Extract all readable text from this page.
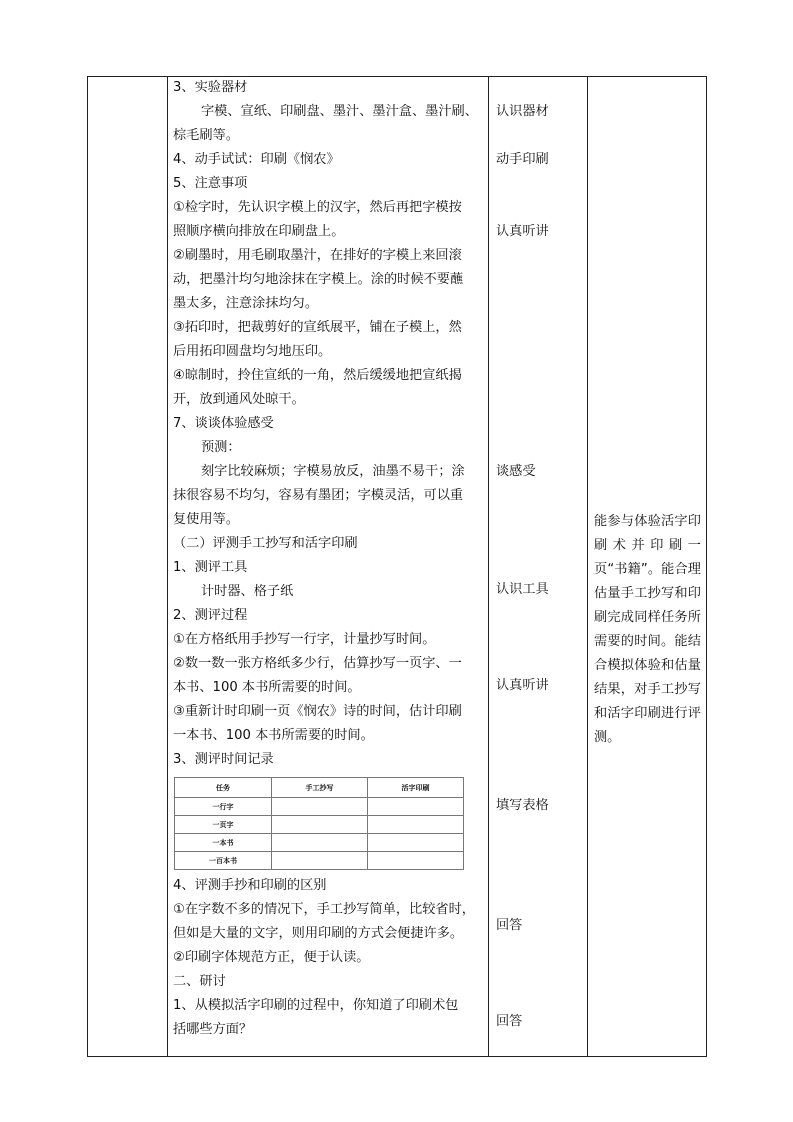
3、实验器材
字模、宣纸、印刷盘、墨汁、墨汁盒、墨汁刷、
棕毛刷等。
4、动手试试：印刷《悯农》
5、注意事项
①检字时，先认识字模上的汉字，然后再把字模按
照顺序横向排放在印刷盘上。
②刷墨时，用毛刷取墨汁，在排好的字模上来回滚
动，把墨汁均匀地涂抹在字模上。涂的时候不要蘸
墨太多，注意涂抹均匀。
③拓印时，把裁剪好的宣纸展平，铺在子模上，然
后用拓印圆盘均匀地压印。
④晾制时，拎住宣纸的一角，然后缓缓地把宣纸揭
开，放到通风处晾干。
7、谈谈体验感受
预测：
刻字比较麻烦；字模易放反，油墨不易干；涂
抹很容易不均匀，容易有墨团；字模灵活，可以重
复使用等。
（二）评测手工抄写和活字印刷
1、测评工具
计时器、格子纸
2、测评过程
①在方格纸用手抄写一行字，计量抄写时间。
②数一数一张方格纸多少行，估算抄写一页字、一
本书、100 本书所需要的时间。
③重新计时印刷一页《悯农》诗的时间，估计印刷
一本书、100 本书所需要的时间。
3、测评时间记录
任务	手工抄写	活字印刷
一行字		
一页字		
一本书		
一百本书		
4、评测手抄和印刷的区别
①在字数不多的情况下，手工抄写简单，比较省时，
但如是大量的文字，则用印刷的方式会便捷许多。
②印刷字体规范方正，便于认读。
二、研讨
1、从模拟活字印刷的过程中，你知道了印刷术包
括哪些方面？
认识器材
动手印刷
认真听讲
谈感受
认识工具
认真听讲
填写表格
回答
回答
能参与体验活字印刷术并印刷一页“书籍”。能合理估量手工抄写和印刷完成同样任务所需要的时间。能结合模拟体验和估量结果，对手工抄写和活字印刷进行评测。
